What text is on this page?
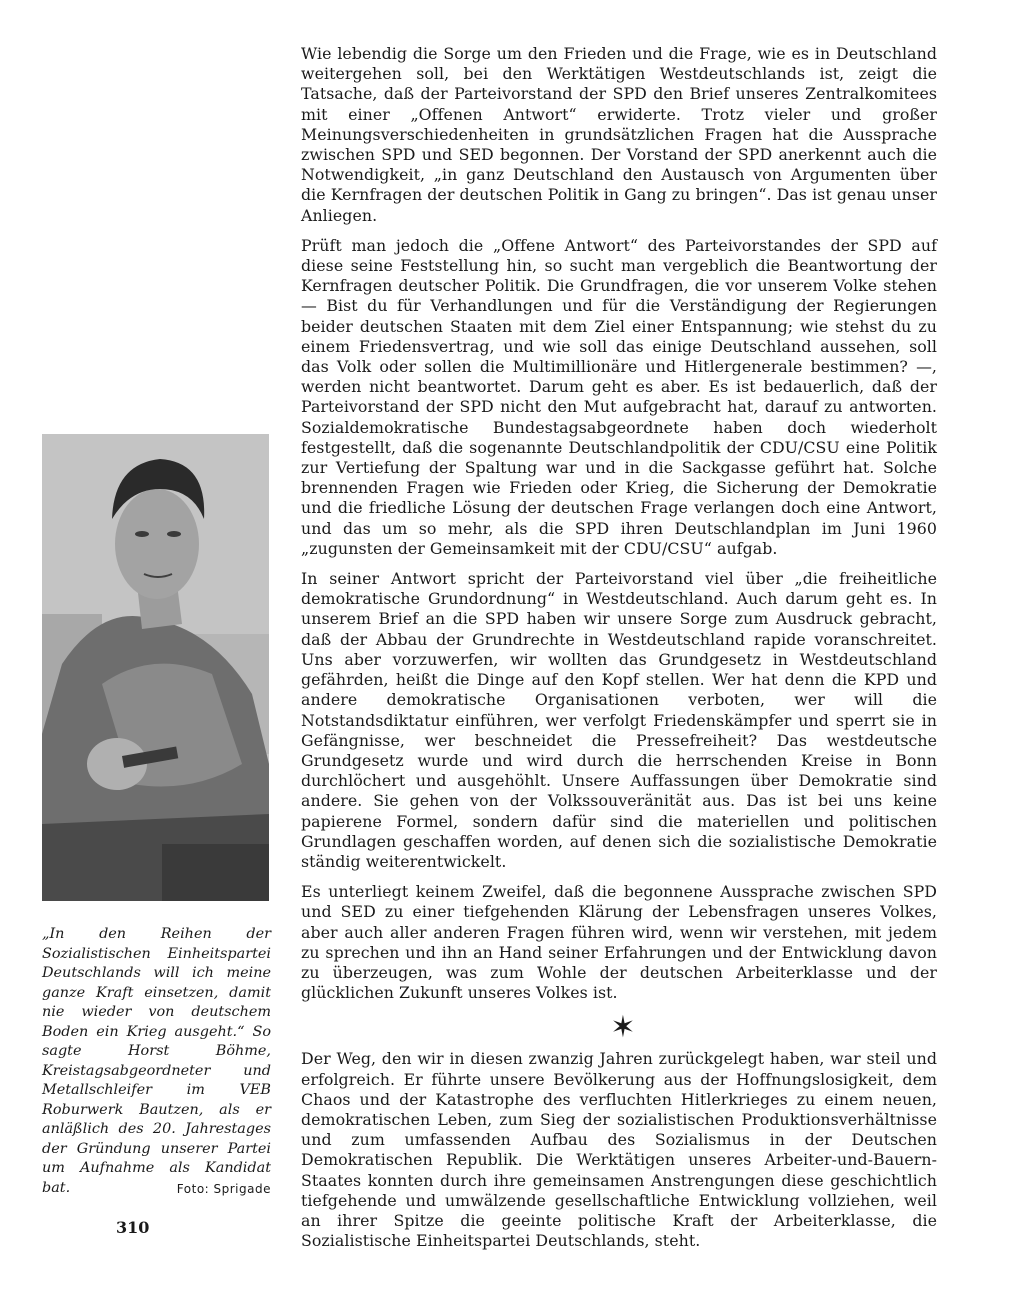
Wie lebendig die Sorge um den Frieden und die Frage, wie es in Deutschland weitergehen soll, bei den Werktätigen Westdeutschlands ist, zeigt die Tatsache, daß der Parteivorstand der SPD den Brief unseres Zentralkomitees mit einer „Offenen Antwort“ erwiderte. Trotz vieler und großer Meinungsverschiedenheiten in grundsätzlichen Fragen hat die Aussprache zwischen SPD und SED begonnen. Der Vorstand der SPD anerkennt auch die Notwendigkeit, „in ganz Deutschland den Austausch von Argumenten über die Kernfragen der deutschen Politik in Gang zu bringen“. Das ist genau unser Anliegen.

Prüft man jedoch die „Offene Antwort“ des Parteivorstandes der SPD auf diese seine Feststellung hin, so sucht man vergeblich die Beantwortung der Kernfragen deutscher Politik. Die Grundfragen, die vor unserem Volke stehen — Bist du für Verhandlungen und für die Verständigung der Regierungen beider deutschen Staaten mit dem Ziel einer Entspannung; wie stehst du zu einem Friedensvertrag, und wie soll das einige Deutschland aussehen, soll das Volk oder sollen die Multimillionäre und Hitlergenerale bestimmen? —, werden nicht beantwortet. Darum geht es aber. Es ist bedauerlich, daß der Parteivorstand der SPD nicht den Mut aufgebracht hat, darauf zu antworten. Sozialdemokratische Bundestagsabgeordnete haben doch wiederholt festgestellt, daß die sogenannte Deutschlandpolitik der CDU/CSU eine Politik zur Vertiefung der Spaltung war und in die Sackgasse geführt hat. Solche brennenden Fragen wie Frieden oder Krieg, die Sicherung der Demokratie und die friedliche Lösung der deutschen Frage verlangen doch eine Antwort, und das um so mehr, als die SPD ihren Deutschlandplan im Juni 1960 „zugunsten der Gemeinsamkeit mit der CDU/CSU“ aufgab.

In seiner Antwort spricht der Parteivorstand viel über „die freiheitliche demokratische Grundordnung“ in Westdeutschland. Auch darum geht es. In unserem Brief an die SPD haben wir unsere Sorge zum Ausdruck gebracht, daß der Abbau der Grundrechte in Westdeutschland rapide voranschreitet. Uns aber vorzuwerfen, wir wollten das Grundgesetz in Westdeutschland gefährden, heißt die Dinge auf den Kopf stellen. Wer hat denn die KPD und andere demokratische Organisationen verboten, wer will die Notstandsdiktatur einführen, wer verfolgt Friedenskämpfer und sperrt sie in Gefängnisse, wer beschneidet die Pressefreiheit? Das westdeutsche Grundgesetz wurde und wird durch die herrschenden Kreise in Bonn durchlöchert und ausgehöhlt. Unsere Auffassungen über Demokratie sind andere. Sie gehen von der Volkssouveränität aus. Das ist bei uns keine papierene Formel, sondern dafür sind die materiellen und politischen Grundlagen geschaffen worden, auf denen sich die sozialistische Demokratie ständig weiterentwickelt.

Es unterliegt keinem Zweifel, daß die begonnene Aussprache zwischen SPD und SED zu einer tiefgehenden Klärung der Lebensfragen unseres Volkes, aber auch aller anderen Fragen führen wird, wenn wir verstehen, mit jedem zu sprechen und ihn an Hand seiner Erfahrungen und der Entwicklung davon zu überzeugen, was zum Wohle der deutschen Arbeiterklasse und der glücklichen Zukunft unseres Volkes ist.

✶

Der Weg, den wir in diesen zwanzig Jahren zurückgelegt haben, war steil und erfolgreich. Er führte unsere Bevölkerung aus der Hoffnungslosigkeit, dem Chaos und der Katastrophe des verfluchten Hitlerkrieges zu einem neuen, demokratischen Leben, zum Sieg der sozialistischen Produktionsverhältnisse und zum umfassenden Aufbau des Sozialismus in der Deutschen Demokratischen Republik. Die Werktätigen unseres Arbeiter-und-Bauern-Staates konnten durch ihre gemeinsamen Anstrengungen diese geschichtlich tiefgehende und umwälzende gesellschaftliche Entwicklung vollziehen, weil an ihrer Spitze die geeinte politische Kraft der Arbeiterklasse, die Sozialistische Einheitspartei Deutschlands, steht.

„In den Reihen der Sozialistischen Einheitspartei Deutschlands will ich meine ganze Kraft einsetzen, damit nie wieder von deutschem Boden ein Krieg ausgeht.“ So sagte Horst Böhme, Kreistagsabgeordneter und Metallschleifer im VEB Roburwerk Bautzen, als er anläßlich des 20. Jahrestages der Gründung unserer Partei um Aufnahme als Kandidat bat.	Foto: Sprigade
310
